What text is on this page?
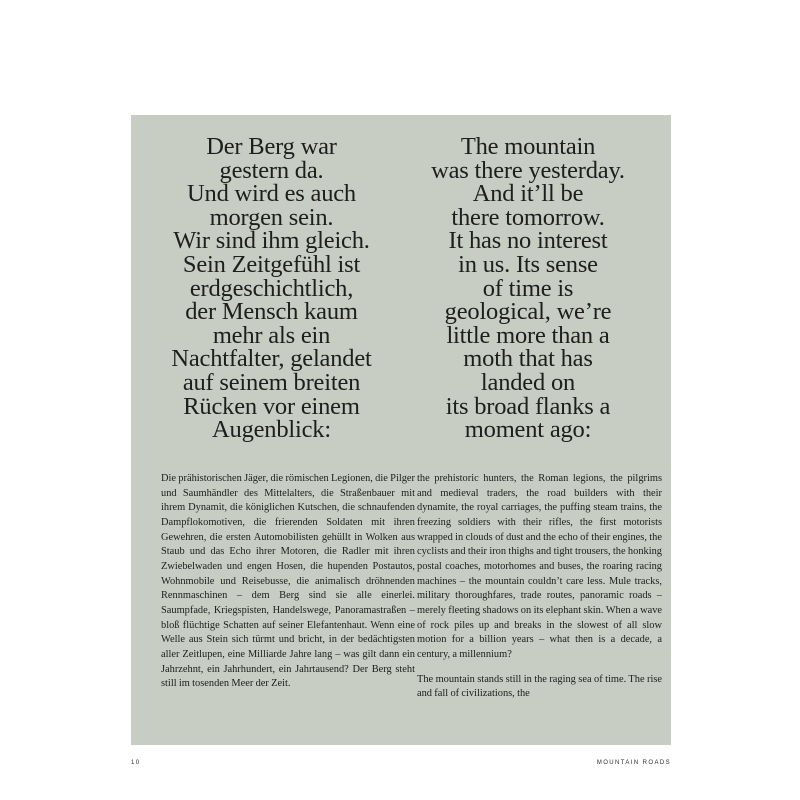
Der Berg war
gestern da.
Und wird es auch
morgen sein.
Wir sind ihm gleich.
Sein Zeitgefühl ist
erdgeschichtlich,
der Mensch kaum
mehr als ein
Nachtfalter, gelandet
auf seinem breiten
Rücken vor einem
Augenblick:
The mountain
was there yesterday.
And it’ll be
there tomorrow.
It has no interest
in us. Its sense
of time is
geological, we’re
little more than a
moth that has
landed on
its broad flanks a
moment ago:

Die prähistorischen Jäger, die römischen Legionen, die Pilger und Saumhändler des Mittelalters, die Straßenbauer mit ihrem Dynamit, die königlichen Kutschen, die schnaufenden Dampflokomotiven, die frierenden Soldaten mit ihren Gewehren, die ersten Automobilisten gehüllt in Wolken aus Staub und das Echo ihrer Motoren, die Radler mit ihren Zwiebelwaden und engen Hosen, die hupenden Postautos, Wohnmobile und Reisebusse, die animalisch dröhnenden Rennmaschinen – dem Berg sind sie alle einerlei. Saumpfade, Kriegspisten, Handelswege, Panoramastraßen – bloß flüchtige Schatten auf seiner Elefantenhaut. Wenn eine Welle aus Stein sich türmt und bricht, in der bedächtigsten aller Zeitlupen, eine Milliarde Jahre lang – was gilt dann ein Jahrzehnt, ein Jahrhundert, ein Jahrtausend? Der Berg steht still im tosenden Meer der Zeit.

the prehistoric hunters, the Roman legions, the pilgrims and medieval traders, the road builders with their dynamite, the royal carriages, the puffing steam trains, the freezing soldiers with their rifles, the first motorists wrapped in clouds of dust and the echo of their engines, the cyclists and their iron thighs and tight trousers, the honking postal coaches, motorhomes and buses, the roaring racing machines – the mountain couldn’t care less. Mule tracks, military thoroughfares, trade routes, panoramic roads – merely fleeting shadows on its elephant skin. When a wave of rock piles up and breaks in the slowest of all slow motion for a billion years – what then is a decade, a century, a millennium?

The mountain stands still in the raging sea of time. The rise and fall of civilizations, the

10	MOUNTAIN ROADS
